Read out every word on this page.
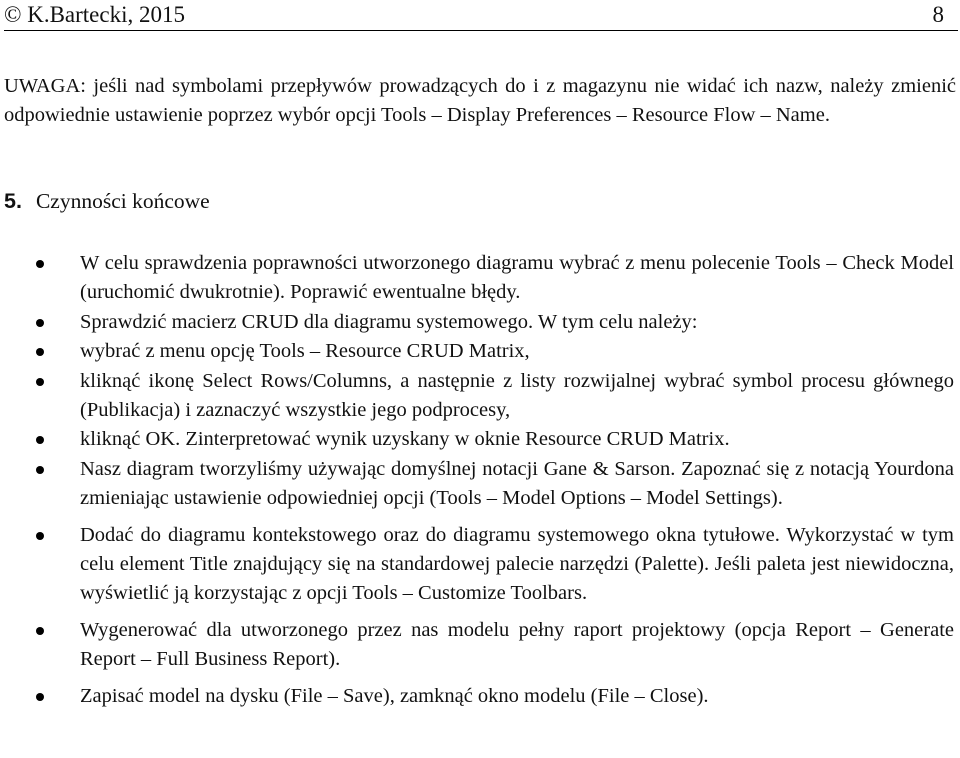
© K.Bartecki, 2015	8
UWAGA: jeśli nad symbolami przepływów prowadzących do i z magazynu nie widać ich nazw, należy zmienić odpowiednie ustawienie poprzez wybór opcji Tools – Display Preferences – Resource Flow – Name.
5. Czynności końcowe
W celu sprawdzenia poprawności utworzonego diagramu wybrać z menu polecenie Tools – Check Model (uruchomić dwukrotnie). Poprawić ewentualne błędy.
Sprawdzić macierz CRUD dla diagramu systemowego. W tym celu należy:
wybrać z menu opcję Tools – Resource CRUD Matrix,
kliknąć ikonę Select Rows/Columns, a następnie z listy rozwijalnej wybrać symbol procesu głównego (Publikacja) i zaznaczyć wszystkie jego podprocesy,
kliknąć OK. Zinterpretować wynik uzyskany w oknie Resource CRUD Matrix.
Nasz diagram tworzyliśmy używając domyślnej notacji Gane & Sarson. Zapoznać się z notacją Yourdona zmieniając ustawienie odpowiedniej opcji (Tools – Model Options – Model Settings).
Dodać do diagramu kontekstowego oraz do diagramu systemowego okna tytułowe. Wykorzystać w tym celu element Title znajdujący się na standardowej palecie narzędzi (Palette). Jeśli paleta jest niewidoczna, wyświetlić ją korzystając z opcji Tools – Customize Toolbars.
Wygenerować dla utworzonego przez nas modelu pełny raport projektowy (opcja Report – Generate Report – Full Business Report).
Zapisać model na dysku (File – Save), zamknąć okno modelu (File – Close).
